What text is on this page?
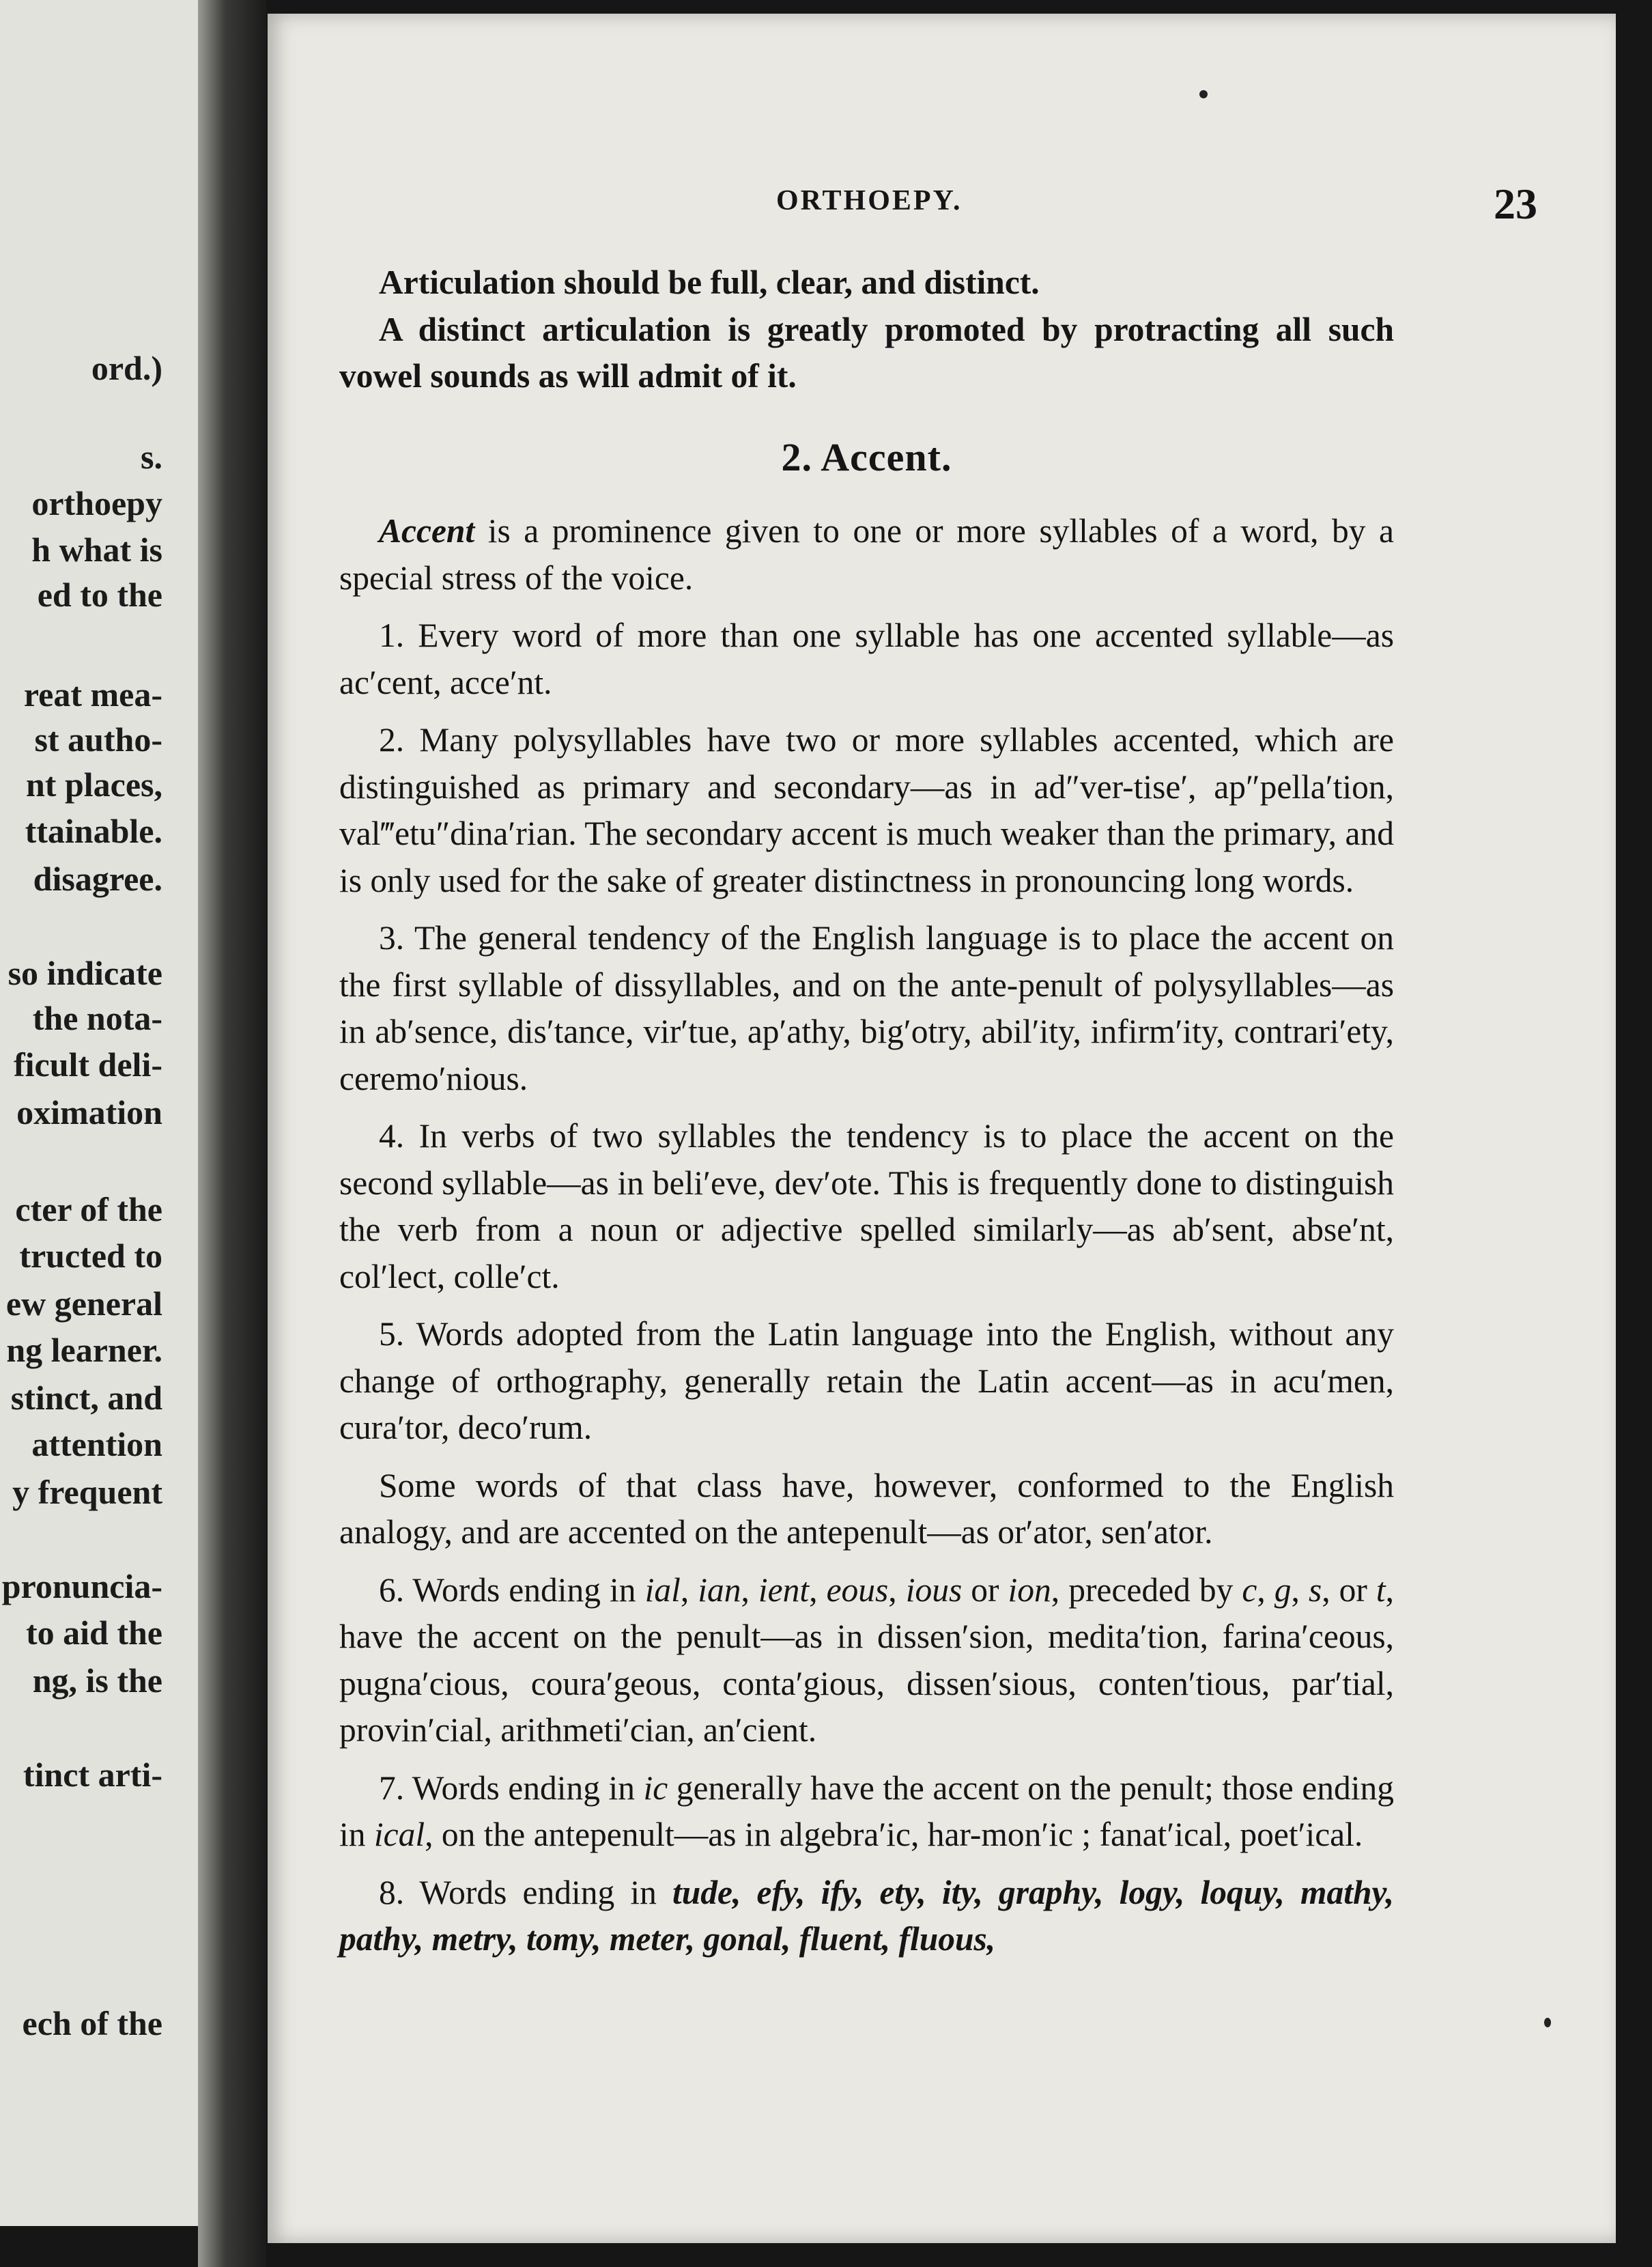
ord.)
s.
orthoepy
h what is
ed to the
reat mea-
st autho-
nt places,
ttainable.
disagree.
so indicate
the nota-
ficult deli-
oximation
cter of the
tructed to
ew general
ng learner.
stinct, and
attention
y frequent
pronuncia-
to aid the
ng, is the
tinct arti-
ech of the
ORTHOEPY.	23

Articulation should be full, clear, and distinct.

A distinct articulation is greatly promoted by protracting all such vowel sounds as will admit of it.

2. Accent.

Accent is a prominence given to one or more syllables of a word, by a special stress of the voice.

1. Every word of more than one syllable has one accented syllable—as ac′cent, acce′nt.

2. Many polysyllables have two or more syllables accented, which are distinguished as primary and secondary—as in ad″ver-tise′, ap″pella′tion, val‴etu″dina′rian. The secondary accent is much weaker than the primary, and is only used for the sake of greater distinctness in pronouncing long words.

3. The general tendency of the English language is to place the accent on the first syllable of dissyllables, and on the ante-penult of polysyllables—as in ab′sence, dis′tance, vir′tue, ap′athy, big′otry, abil′ity, infirm′ity, contrari′ety, ceremo′nious.

4. In verbs of two syllables the tendency is to place the accent on the second syllable—as in beli′eve, dev′ote. This is frequently done to distinguish the verb from a noun or adjective spelled similarly—as ab′sent, abse′nt, col′lect, colle′ct.

5. Words adopted from the Latin language into the English, without any change of orthography, generally retain the Latin accent—as in acu′men, cura′tor, deco′rum.

Some words of that class have, however, conformed to the English analogy, and are accented on the antepenult—as or′ator, sen′ator.

6. Words ending in ial, ian, ient, eous, ious or ion, preceded by c, g, s, or t, have the accent on the penult—as in dissen′sion, medita′tion, farina′ceous, pugna′cious, coura′geous, conta′gious, dissen′sious, conten′tious, par′tial, provin′cial, arithmeti′cian, an′cient.

7. Words ending in ic generally have the accent on the penult; those ending in ical, on the antepenult—as in algebra′ic, har-mon′ic ; fanat′ical, poet′ical.

8. Words ending in tude, efy, ify, ety, ity, graphy, logy, loquy, mathy, pathy, metry, tomy, meter, gonal, fluent, fluous,
